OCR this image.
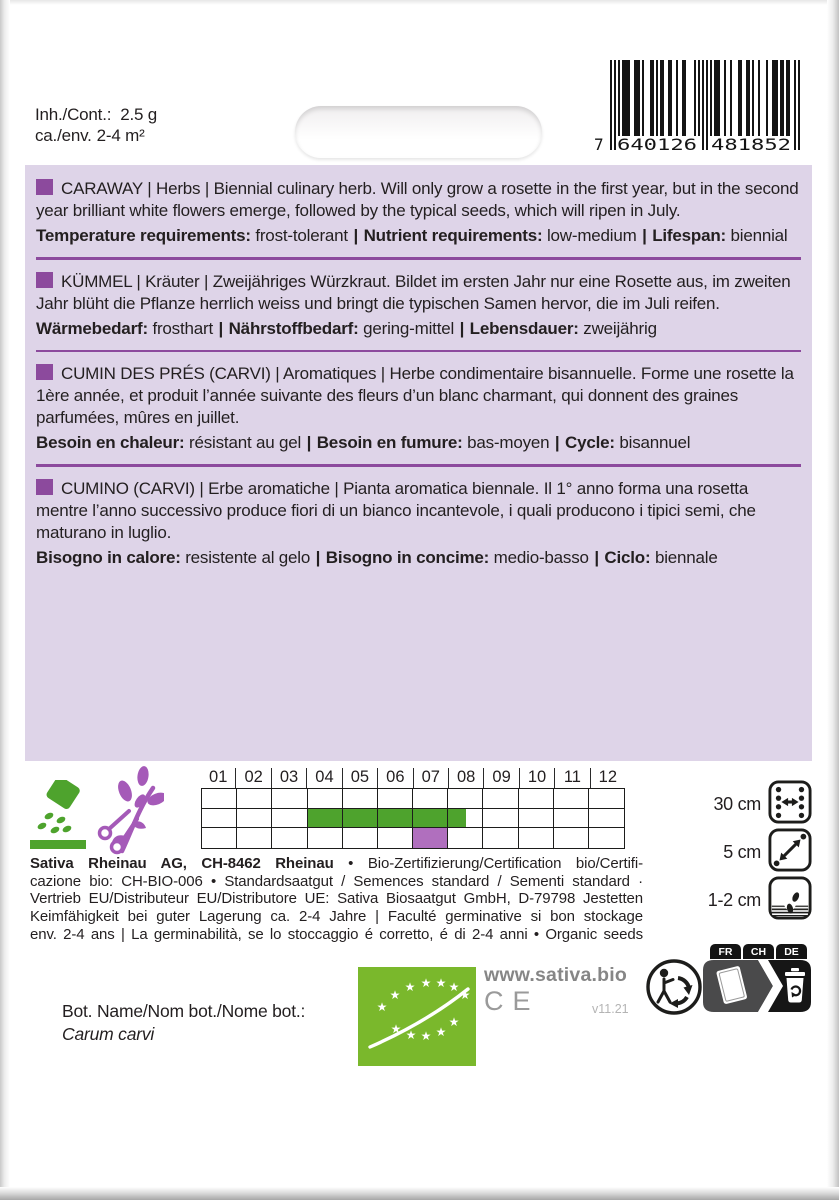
Inh./Cont.: 2.5 g
ca./env. 2-4 m²	7 640126 481852

CARAWAY | Herbs | Biennial culinary herb. Will only grow a rosette in the first year, but in the second year brilliant white flowers emerge, followed by the typical seeds, which will ripen in July.

Temperature requirements: frost-tolerant | Nutrient requirements: low-medium | Lifespan: biennial

KÜMMEL | Kräuter | Zweijähriges Würzkraut. Bildet im ersten Jahr nur eine Rosette aus, im zweiten Jahr blüht die Pflanze herrlich weiss und bringt die typischen Samen hervor, die im Juli reifen.

Wärmebedarf: frosthart | Nährstoffbedarf: gering-mittel | Lebensdauer: zweijährig

CUMIN DES PRÉS (CARVI) | Aromatiques | Herbe condimentaire bisannuelle. Forme une rosette la 1ère année, et produit l’année suivante des fleurs d’un blanc charmant, qui donnent des graines parfumées, mûres en juillet.

Besoin en chaleur: résistant au gel | Besoin en fumure: bas-moyen | Cycle: bisannuel

CUMINO (CARVI) | Erbe aromatiche | Pianta aromatica biennale. Il 1° anno forma una rosetta mentre l’anno successivo produce fiori di un bianco incantevole, i quali producono i tipici semi, che maturano in luglio.

Bisogno in calore: resistente al gelo | Bisogno in concime: medio-basso | Ciclo: biennale

01	02	03	04	05	06	07	08	09	10	11	12
30 cm
5 cm
1-2 cm
Sativa Rheinau AG, CH-8462 Rheinau • Bio-Zertifizierung/Certification bio/Certifi-
cazione bio: CH-BIO-006 • Standardsaatgut / Semences standard / Sementi standard ·
Vertrieb EU/Distributeur EU/Distributore UE: Sativa Biosaatgut GmbH, D-79798 Jestetten
Keimfähigkeit bei guter Lagerung ca. 2-4 Jahre | Faculté germinative si bon stockage
env. 2-4 ans | La germinabilità, se lo stoccaggio é corretto, é di 2-4 anni • Organic seeds
★
★
★ ★ ★ ★
★
★ ★ ★ ★
★
www.sativa.bio
CE	v11.21
FR	CH	DE
Bot. Name/Nom bot./Nome bot.:
Carum carvi
